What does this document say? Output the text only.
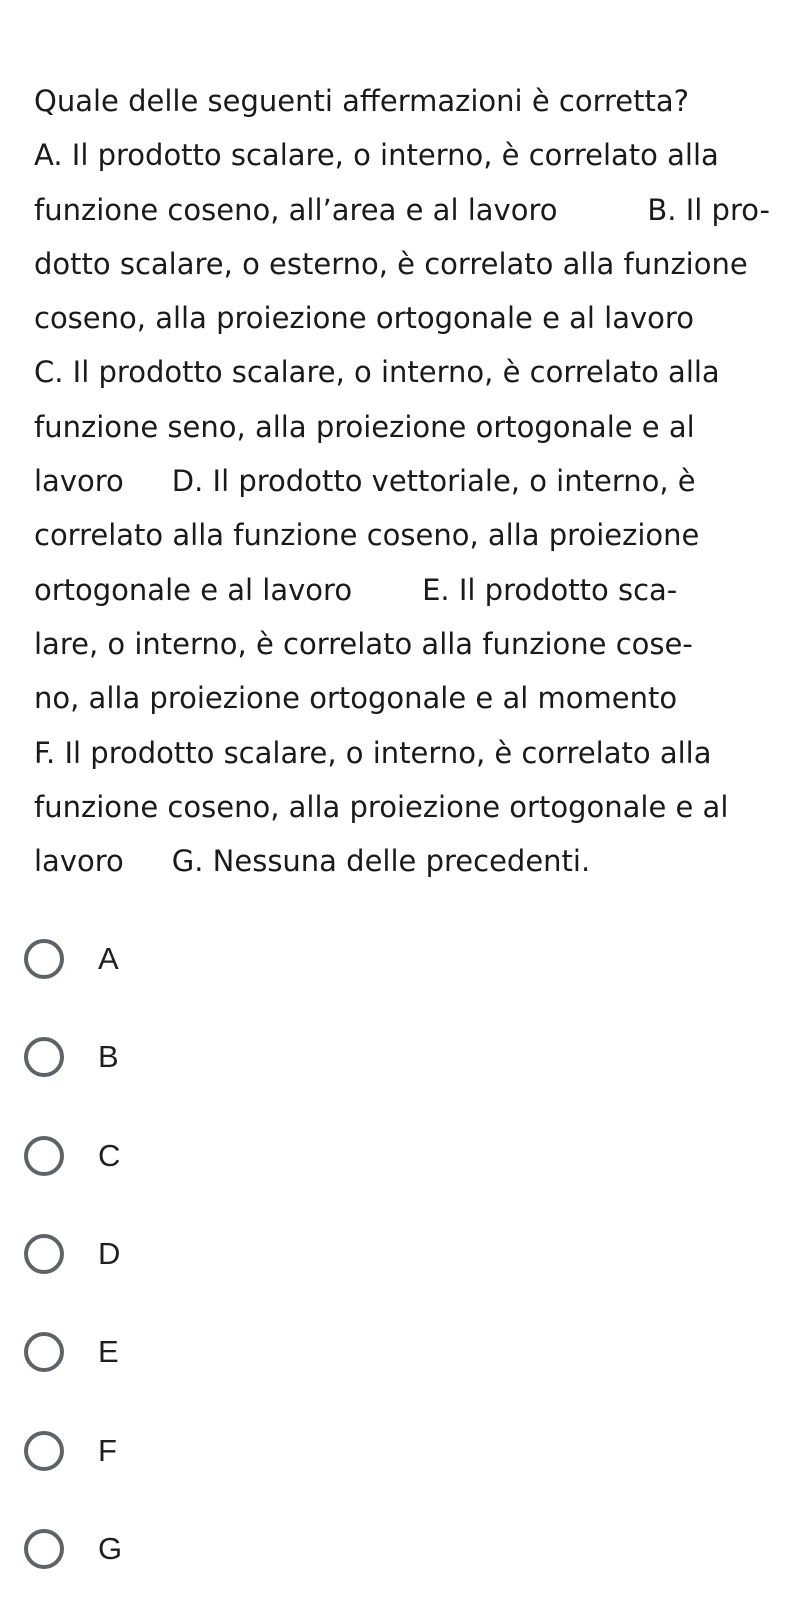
Quale delle seguenti affermazioni è corretta?
A. Il prodotto scalare, o interno, è correlato alla
funzione coseno, all’area e al lavoro	B. Il pro-
dotto scalare, o esterno, è correlato alla funzione
coseno, alla proiezione ortogonale e al lavoro
C. Il prodotto scalare, o interno, è correlato alla
funzione seno, alla proiezione ortogonale e al
lavoro D. Il prodotto vettoriale, o interno, è
correlato alla funzione coseno, alla proiezione
ortogonale e al lavoro E. Il prodotto sca-
lare, o interno, è correlato alla funzione cose-
no, alla proiezione ortogonale e al momento
F. Il prodotto scalare, o interno, è correlato alla
funzione coseno, alla proiezione ortogonale e al
lavoro G. Nessuna delle precedenti.
A
B
C
D
E
F
G
